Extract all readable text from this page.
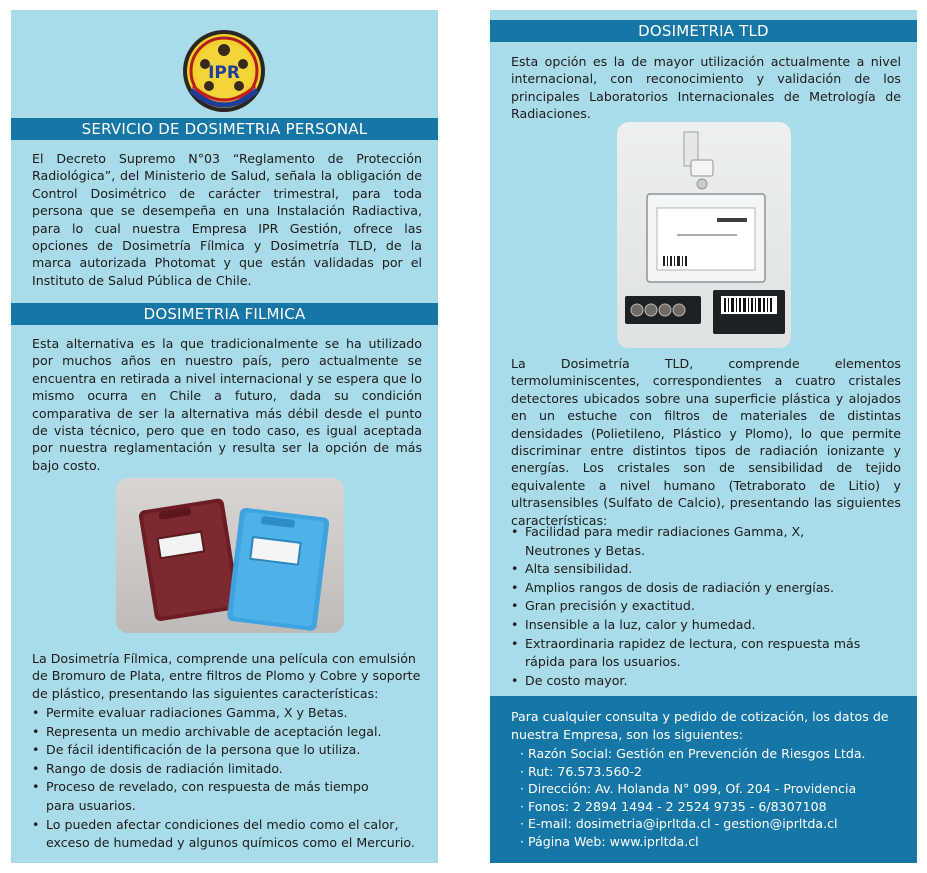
IPR
SERVICIO DE DOSIMETRIA PERSONAL

El Decreto Supremo N°03 “Reglamento de Protección Radiológica”, del Ministerio de Salud, señala la obligación de Control Dosimétrico de carácter trimestral, para toda persona que se desempeña en una Instalación Radiactiva, para lo cual nuestra Empresa IPR Gestión, ofrece las opciones de Dosimetría Fílmica y Dosimetría TLD, de la marca autorizada Photomat y que están validadas por el Instituto de Salud Pública de Chile.

DOSIMETRIA FILMICA

Esta alternativa es la que tradicionalmente se ha utilizado por muchos años en nuestro país, pero actualmente se encuentra en retirada a nivel internacional y se espera que lo mismo ocurra en Chile a futuro, dada su condición comparativa de ser la alternativa más débil desde el punto de vista técnico, pero que en todo caso, es igual aceptada por nuestra reglamentación y resulta ser la opción de más bajo costo.

La Dosimetría Fílmica, comprende una película con emulsión de Bromuro de Plata, entre filtros de Plomo y Cobre y soporte de plástico, presentando las siguientes características:

• Permite evaluar radiaciones Gamma, X y Betas.
• Representa un medio archivable de aceptación legal.
• De fácil identificación de la persona que lo utiliza.
• Rango de dosis de radiación limitado.
• Proceso de revelado, con respuesta de más tiempo para usuarios.
• Lo pueden afectar condiciones del medio como el calor, exceso de humedad y algunos químicos como el Mercurio.
DOSIMETRIA TLD

Esta opción es la de mayor utilización actualmente a nivel internacional, con reconocimiento y validación de los principales Laboratorios Internacionales de Metrología de Radiaciones.

La Dosimetría TLD, comprende elementos termoluminiscentes, correspondientes a cuatro cristales detectores ubicados sobre una superficie plástica y alojados en un estuche con filtros de materiales de distintas densidades (Polietileno, Plástico y Plomo), lo que permite discriminar entre distintos tipos de radiación ionizante y energías. Los cristales son de sensibilidad de tejido equivalente a nivel humano (Tetraborato de Litio) y ultrasensibles (Sulfato de Calcio), presentando las siguientes características:

• Facilidad para medir radiaciones Gamma, X, Neutrones y Betas.
• Alta sensibilidad.
• Amplios rangos de dosis de radiación y energías.
• Gran precisión y exactitud.
• Insensible a la luz, calor y humedad.
• Extraordinaria rapidez de lectura, con respuesta más rápida para los usuarios.
• De costo mayor.

Para cualquier consulta y pedido de cotización, los datos de nuestra Empresa, son los siguientes:

· Razón Social: Gestión en Prevención de Riesgos Ltda.
· Rut: 76.573.560-2
· Dirección: Av. Holanda N° 099, Of. 204 - Providencia
· Fonos: 2 2894 1494 - 2 2524 9735 - 6/8307108
· E-mail: dosimetria@iprltda.cl - gestion@iprltda.cl
· Página Web: www.iprltda.cl
